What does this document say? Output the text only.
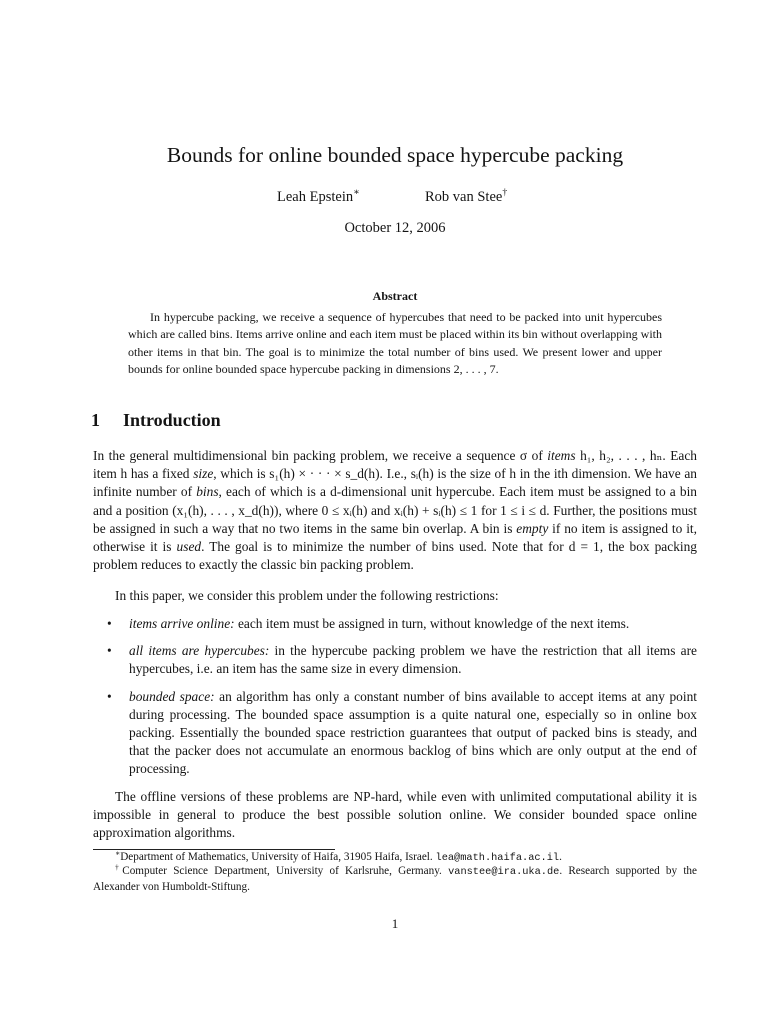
Bounds for online bounded space hypercube packing
Leah Epstein∗	Rob van Stee†
October 12, 2006
Abstract
In hypercube packing, we receive a sequence of hypercubes that need to be packed into unit hypercubes which are called bins. Items arrive online and each item must be placed within its bin without overlapping with other items in that bin. The goal is to minimize the total number of bins used. We present lower and upper bounds for online bounded space hypercube packing in dimensions 2, . . . , 7.
1 Introduction
In the general multidimensional bin packing problem, we receive a sequence σ of items h₁, h₂, . . . , hₙ. Each item h has a fixed size, which is s₁(h) × · · · × s_d(h). I.e., sᵢ(h) is the size of h in the ith dimension. We have an infinite number of bins, each of which is a d-dimensional unit hypercube. Each item must be assigned to a bin and a position (x₁(h), . . . , x_d(h)), where 0 ≤ xᵢ(h) and xᵢ(h) + sᵢ(h) ≤ 1 for 1 ≤ i ≤ d. Further, the positions must be assigned in such a way that no two items in the same bin overlap. A bin is empty if no item is assigned to it, otherwise it is used. The goal is to minimize the number of bins used. Note that for d = 1, the box packing problem reduces to exactly the classic bin packing problem.
In this paper, we consider this problem under the following restrictions:
• items arrive online: each item must be assigned in turn, without knowledge of the next items.
• all items are hypercubes: in the hypercube packing problem we have the restriction that all items are hypercubes, i.e. an item has the same size in every dimension.
• bounded space: an algorithm has only a constant number of bins available to accept items at any point during processing. The bounded space assumption is a quite natural one, especially so in online box packing. Essentially the bounded space restriction guarantees that output of packed bins is steady, and that the packer does not accumulate an enormous backlog of bins which are only output at the end of processing.
The offline versions of these problems are NP-hard, while even with unlimited computational ability it is impossible in general to produce the best possible solution online. We consider bounded space online approximation algorithms.
∗Department of Mathematics, University of Haifa, 31905 Haifa, Israel. lea@math.haifa.ac.il.
†Computer Science Department, University of Karlsruhe, Germany. vanstee@ira.uka.de. Research supported by the Alexander von Humboldt-Stiftung.
1
